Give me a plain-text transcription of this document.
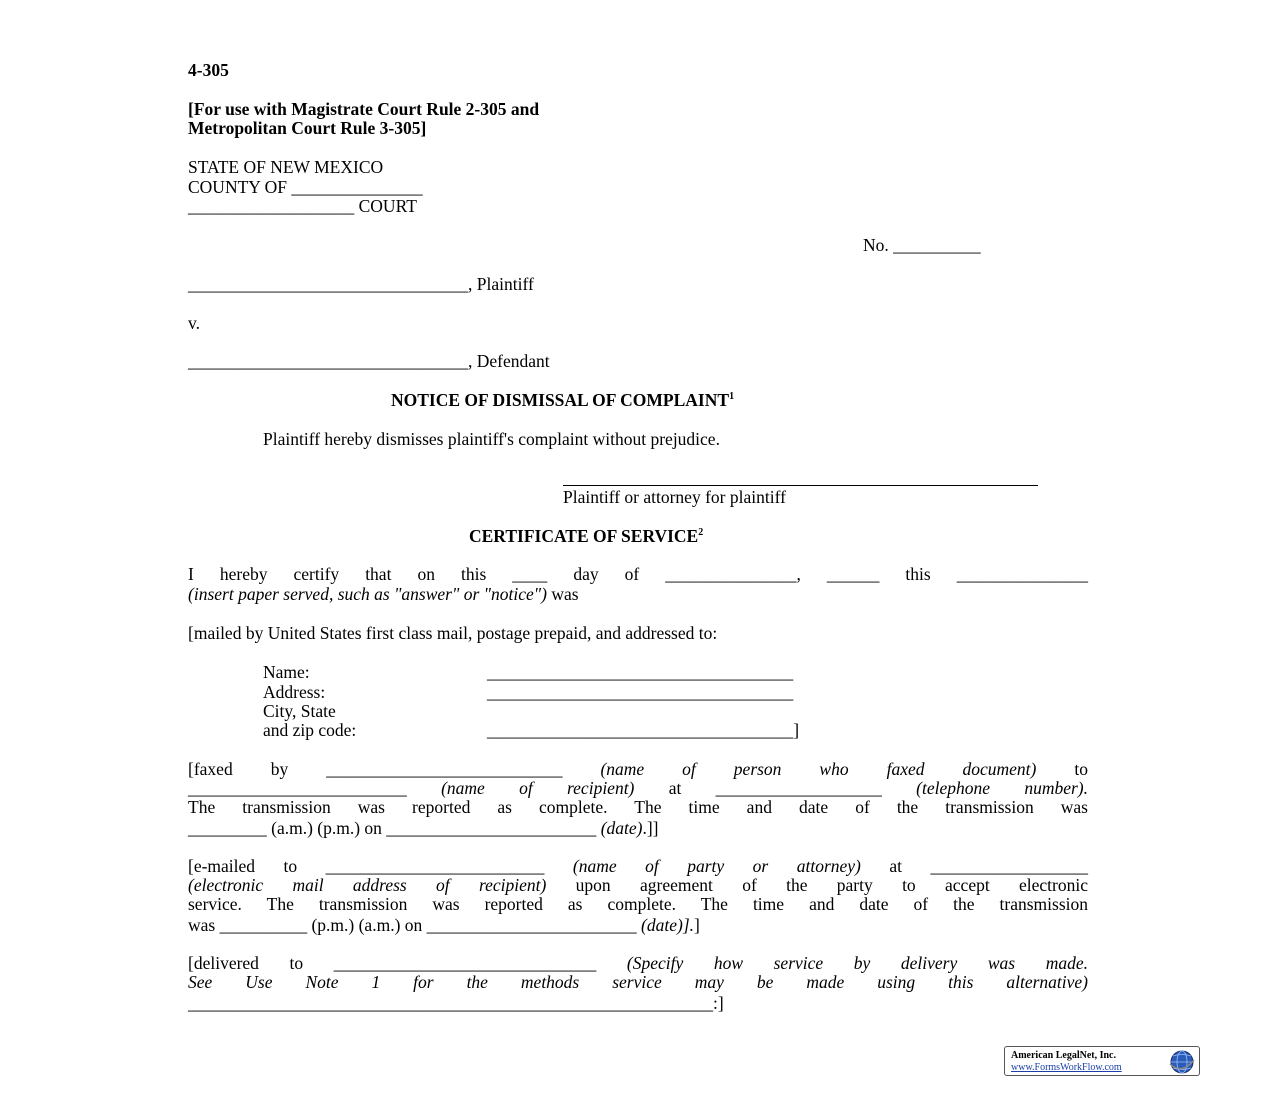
4-305
[For use with Magistrate Court Rule 2-305 and
Metropolitan Court Rule 3-305]
STATE OF NEW MEXICO
COUNTY OF _______________
___________________ COURT
No. __________
________________________________, Plaintiff
v.
________________________________, Defendant
NOTICE OF DISMISSAL OF COMPLAINT$^1$
Plaintiff hereby dismisses plaintiff's complaint without prejudice.
Plaintiff or attorney for plaintiff
CERTIFICATE OF SERVICE$^2$
I hereby certify that on this ____ day of _______________, ______ this _______________
(insert paper served, such as "answer" or "notice") was
[mailed by United States first class mail, postage prepaid, and addressed to:
Name:	___________________________________
Address:	___________________________________
City, State
and zip code:	___________________________________]
[faxed by ___________________________ (name of person who faxed document) to
_________________________ (name of recipient) at ___________________ (telephone number).
The transmission was reported as complete. The time and date of the transmission was
_________ (a.m.) (p.m.) on ________________________ (date).]]
[e-mailed to _________________________ (name of party or attorney) at __________________
(electronic mail address of recipient) upon agreement of the party to accept electronic
service. The transmission was reported as complete. The time and date of the transmission
was __________ (p.m.) (a.m.) on ________________________ (date)].]
[delivered to ______________________________ (Specify how service by delivery was made.
See Use Note 1 for the methods service may be made using this alternative)
____________________________________________________________:]
American LegalNet, Inc.
www.FormsWorkFlow.com
